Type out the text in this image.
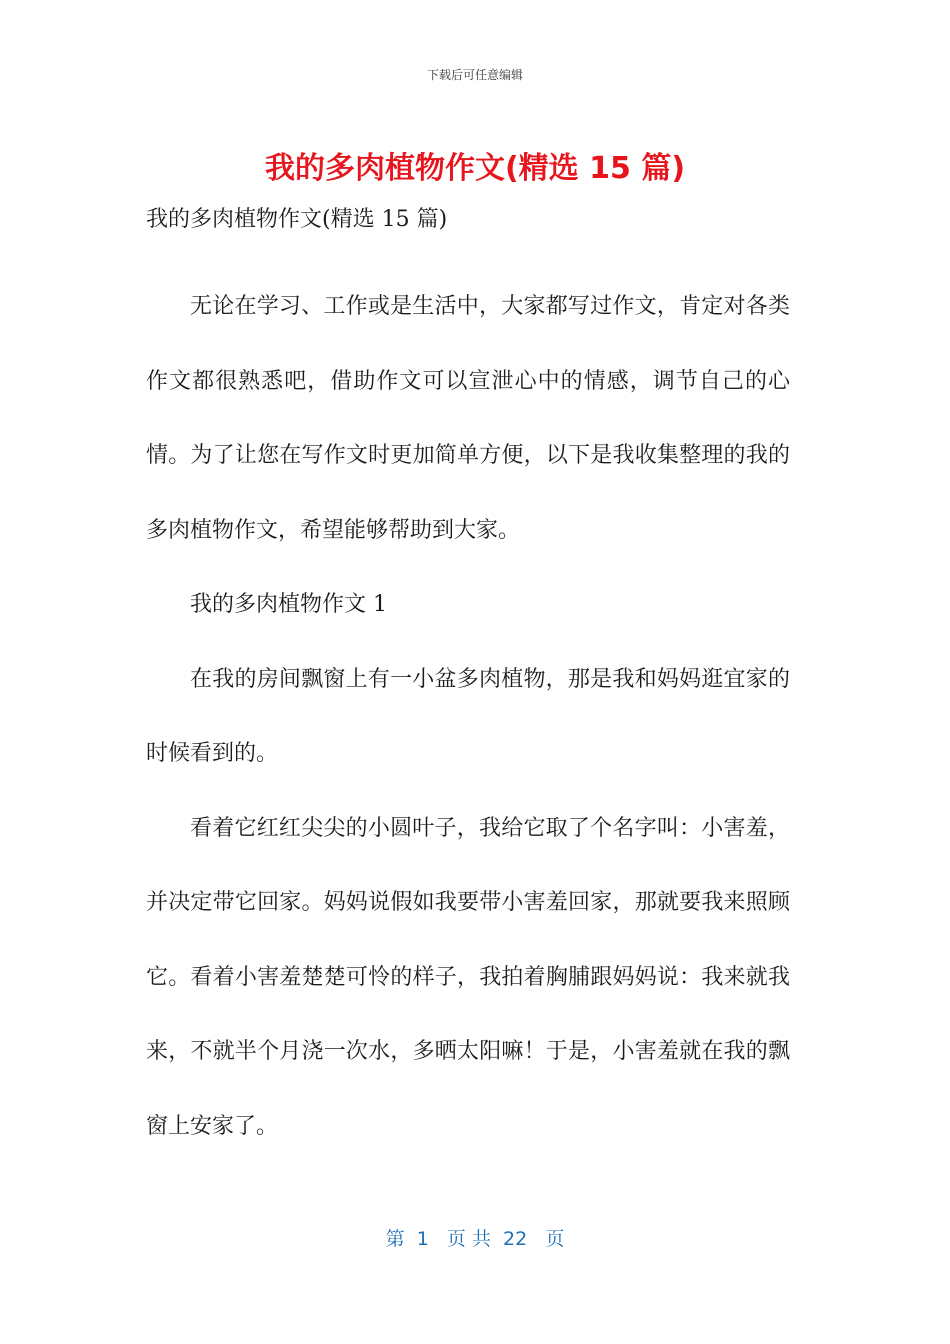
下载后可任意编辑
我的多肉植物作文(精选 15 篇)
我的多肉植物作文(精选 15 篇)

无论在学习、工作或是生活中，大家都写过作文，肯定对各类作文都很熟悉吧，借助作文可以宣泄心中的情感，调节自己的心情。为了让您在写作文时更加简单方便，以下是我收集整理的我的多肉植物作文，希望能够帮助到大家。

我的多肉植物作文 1

在我的房间飘窗上有一小盆多肉植物，那是我和妈妈逛宜家的时候看到的。

看着它红红尖尖的小圆叶子，我给它取了个名字叫：小害羞，并决定带它回家。妈妈说假如我要带小害羞回家，那就要我来照顾它。看着小害羞楚楚可怜的样子，我拍着胸脯跟妈妈说：我来就我来，不就半个月浇一次水，多晒太阳嘛！于是，小害羞就在我的飘窗上安家了。

第  1   页 共  22   页
